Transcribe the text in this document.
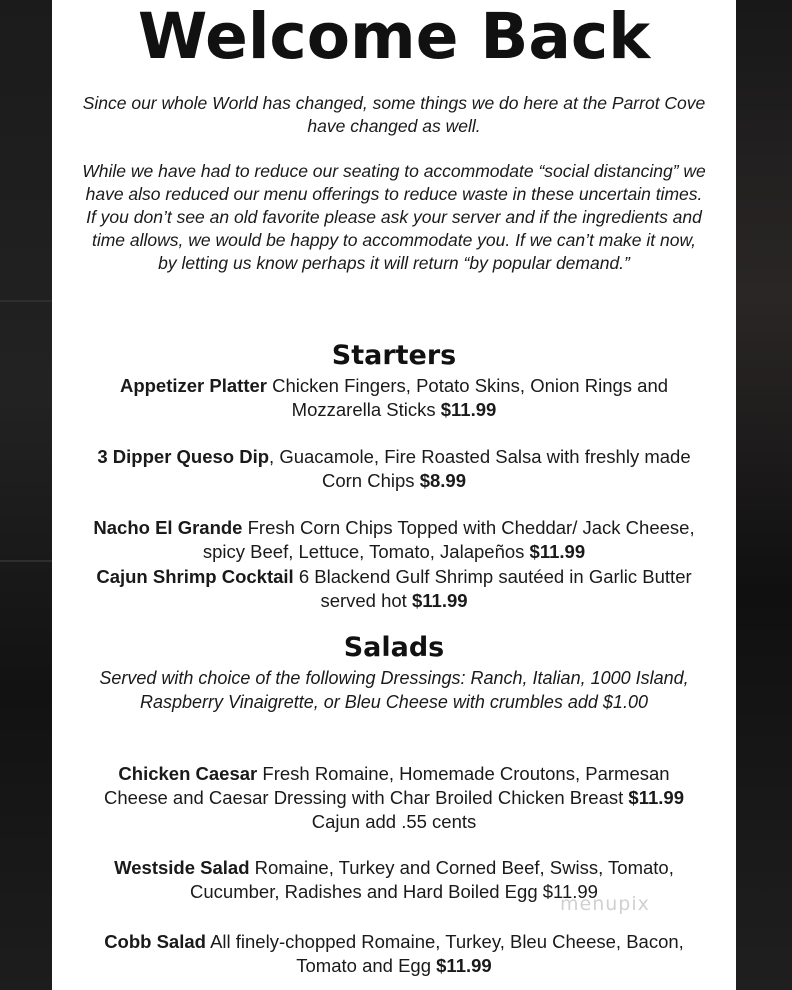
Welcome Back
Since our whole World has changed, some things we do here at the Parrot Cove have changed as well.
While we have had to reduce our seating to accommodate “social distancing” we have also reduced our menu offerings to reduce waste in these uncertain times. If you don’t see an old favorite please ask your server and if the ingredients and time allows, we would be happy to accommodate you. If we can’t make it now, by letting us know perhaps it will return “by popular demand.”
Starters
Appetizer Platter Chicken Fingers, Potato Skins, Onion Rings and Mozzarella Sticks $11.99
3 Dipper Queso Dip, Guacamole, Fire Roasted Salsa with freshly made Corn Chips $8.99
Nacho El Grande Fresh Corn Chips Topped with Cheddar/ Jack Cheese, spicy Beef, Lettuce, Tomato, Jalapeños $11.99
Cajun Shrimp Cocktail 6 Blackend Gulf Shrimp sautéed in Garlic Butter served hot $11.99
Salads
Served with choice of the following Dressings: Ranch, Italian, 1000 Island, Raspberry Vinaigrette, or Bleu Cheese with crumbles add $1.00
Chicken Caesar Fresh Romaine, Homemade Croutons, Parmesan Cheese and Caesar Dressing with Char Broiled Chicken Breast $11.99 Cajun add .55 cents
Westside Salad Romaine, Turkey and Corned Beef, Swiss, Tomato, Cucumber, Radishes and Hard Boiled Egg $11.99
Cobb Salad All finely-chopped Romaine, Turkey, Bleu Cheese, Bacon, Tomato and Egg $11.99
menupix
